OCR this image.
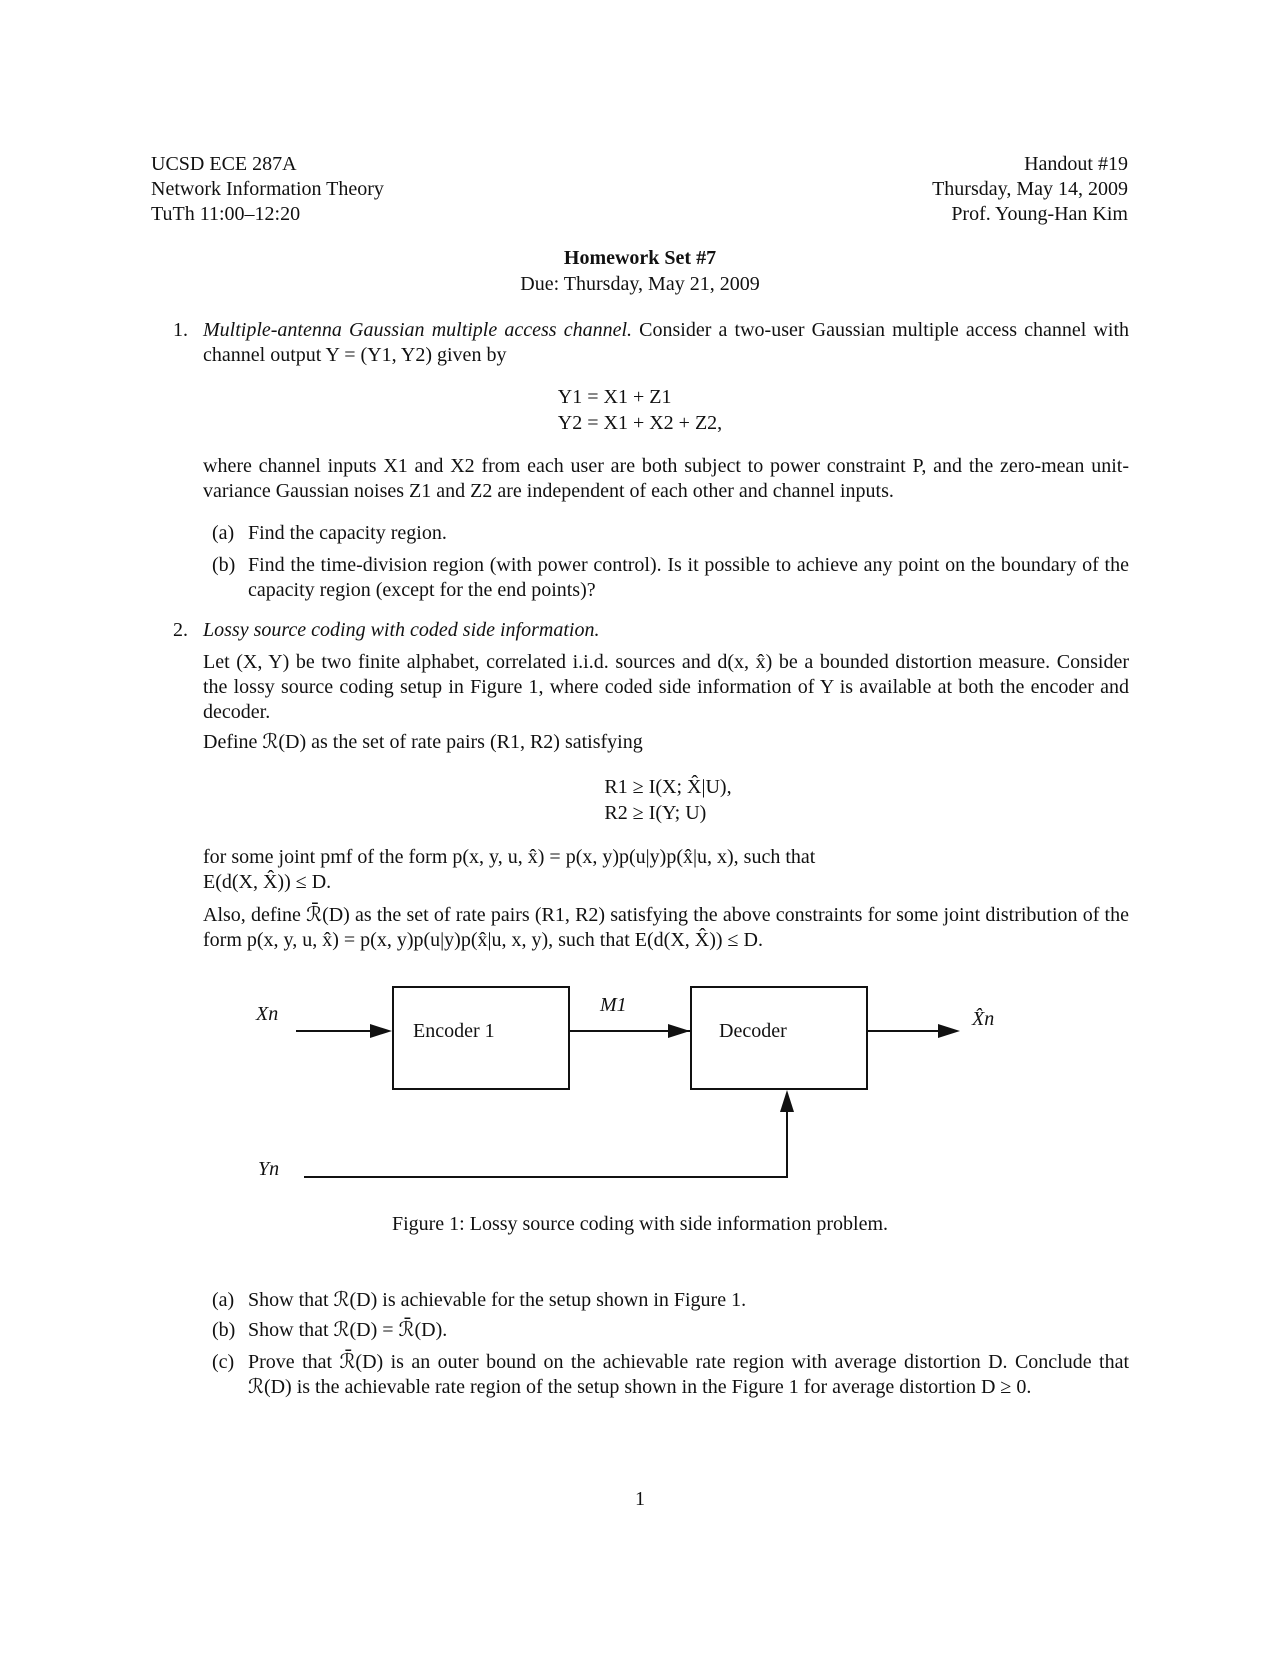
UCSD ECE 287A
Network Information Theory
TuTh 11:00–12:20
Handout #19
Thursday, May 14, 2009
Prof. Young-Han Kim
Homework Set #7
Due: Thursday, May 21, 2009
1. Multiple-antenna Gaussian multiple access channel. Consider a two-user Gaussian multiple access channel with channel output Y = (Y1, Y2) given by
Y1 = X1 + Z1
Y2 = X1 + X2 + Z2,
where channel inputs X1 and X2 from each user are both subject to power constraint P, and the zero-mean unit-variance Gaussian noises Z1 and Z2 are independent of each other and channel inputs.
(a) Find the capacity region.
(b) Find the time-division region (with power control). Is it possible to achieve any point on the boundary of the capacity region (except for the end points)?
2. Lossy source coding with coded side information.
Let (X, Y) be two finite alphabet, correlated i.i.d. sources and d(x, x̂) be a bounded distortion measure. Consider the lossy source coding setup in Figure 1, where coded side information of Y is available at both the encoder and decoder.
Define ℛ(D) as the set of rate pairs (R1, R2) satisfying
R1 ≥ I(X; X̂|U),
R2 ≥ I(Y; U)
for some joint pmf of the form p(x, y, u, x̂) = p(x, y)p(u|y)p(x̂|u, x), such that
E(d(X, X̂)) ≤ D.
Also, define ℛ̄(D) as the set of rate pairs (R1, R2) satisfying the above constraints for some joint distribution of the form p(x, y, u, x̂) = p(x, y)p(u|y)p(x̂|u, x, y), such that E(d(X, X̂)) ≤ D.
Xn
Encoder 1
M1
Decoder
X̂n
Yn
Figure 1: Lossy source coding with side information problem.
(a) Show that ℛ(D) is achievable for the setup shown in Figure 1.
(b) Show that ℛ(D) = ℛ̄(D).
(c) Prove that ℛ̄(D) is an outer bound on the achievable rate region with average distortion D. Conclude that ℛ(D) is the achievable rate region of the setup shown in the Figure 1 for average distortion D ≥ 0.
1
